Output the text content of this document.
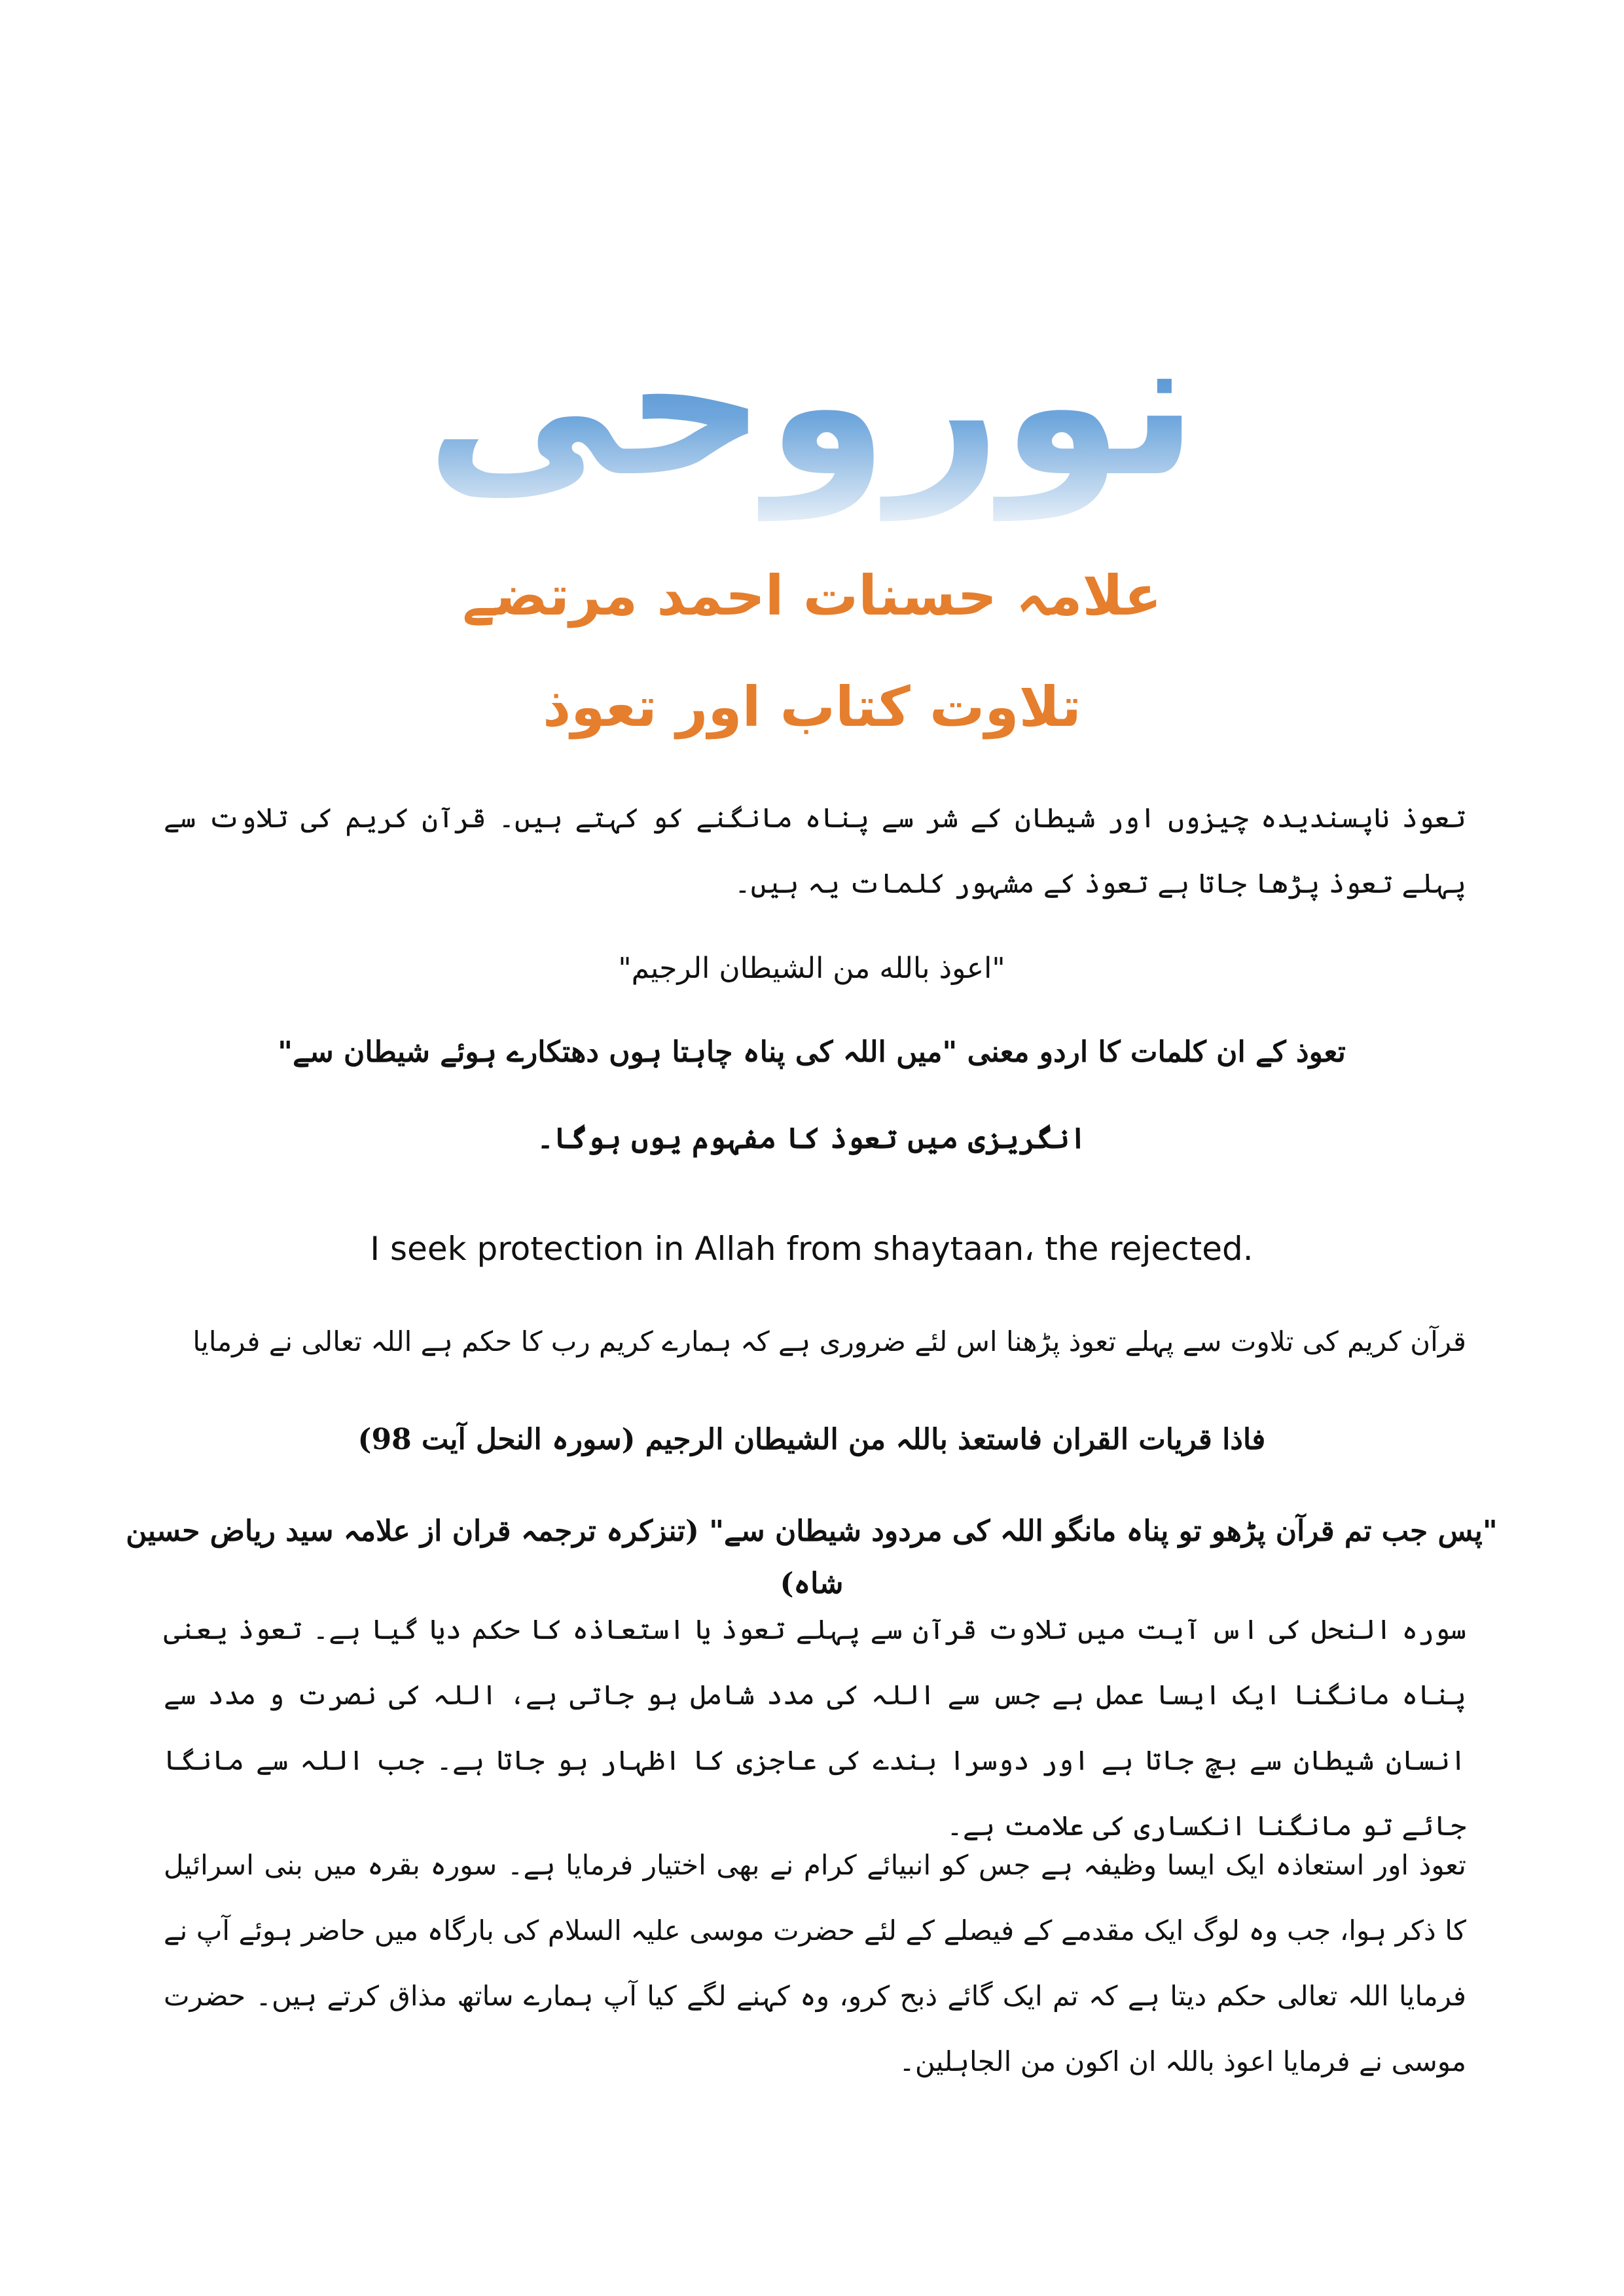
نوروحی
علامہ حسنات احمد مرتضے
تلاوت کتاب اور تعوذ

تعوذ ناپسندیدہ چیزوں اور شیطان کے شر سے پناہ مانگنے کو کہتے ہیں۔ قرآن کریم کی تلاوت سے پہلے تعوذ پڑھا جاتا ہے تعوذ کے مشہور کلمات یہ ہیں۔

"اعوذ بالله من الشيطان الرجيم"

تعوذ کے ان کلمات کا اردو معنی "میں اللہ کی پناہ چاہتا ہوں دھتکارے ہوئے شیطان سے"

انگریزی میں تعوذ کا مفہوم یوں ہوگا۔

I seek protection in Allah from shaytaan، the rejected.

قرآن کریم کی تلاوت سے پہلے تعوذ پڑھنا اس لئے ضروری ہے کہ ہمارے کریم رب کا حکم ہے اللہ تعالی نے فرمایا

فاذا قریات القران فاستعذ باللہ من الشیطان الرجیم (سورہ النحل آیت 98)

"پس جب تم قرآن پڑھو تو پناہ مانگو اللہ کی مردود شیطان سے" (تنزکرہ ترجمہ قران از علامہ سید ریاض حسین شاہ)

سورہ النحل کی اس آیت میں تلاوت قرآن سے پہلے تعوذ یا استعاذہ کا حکم دیا گیا ہے۔ تعوذ یعنی پناہ مانگنا ایک ایسا عمل ہے جس سے اللہ کی مدد شامل ہو جاتی ہے، اللہ کی نصرت و مدد سے انسان شیطان سے بچ جاتا ہے اور دوسرا بندے کی عاجزی کا اظہار ہو جاتا ہے۔ جب اللہ سے مانگا جائے تو مانگنا انکساری کی علامت ہے۔

تعوذ اور استعاذہ ایک ایسا وظیفہ ہے جس کو انبیائے کرام نے بھی اختیار فرمایا ہے۔ سورہ بقرہ میں بنی اسرائیل کا ذکر ہوا، جب وہ لوگ ایک مقدمے کے فیصلے کے لئے حضرت موسی علیہ السلام کی بارگاہ میں حاضر ہوئے آپ نے فرمایا اللہ تعالی حکم دیتا ہے کہ تم ایک گائے ذبح کرو، وہ کہنے لگے کیا آپ ہمارے ساتھ مذاق کرتے ہیں۔ حضرت موسی نے فرمایا اعوذ باللہ ان اکون من الجاہلین۔
